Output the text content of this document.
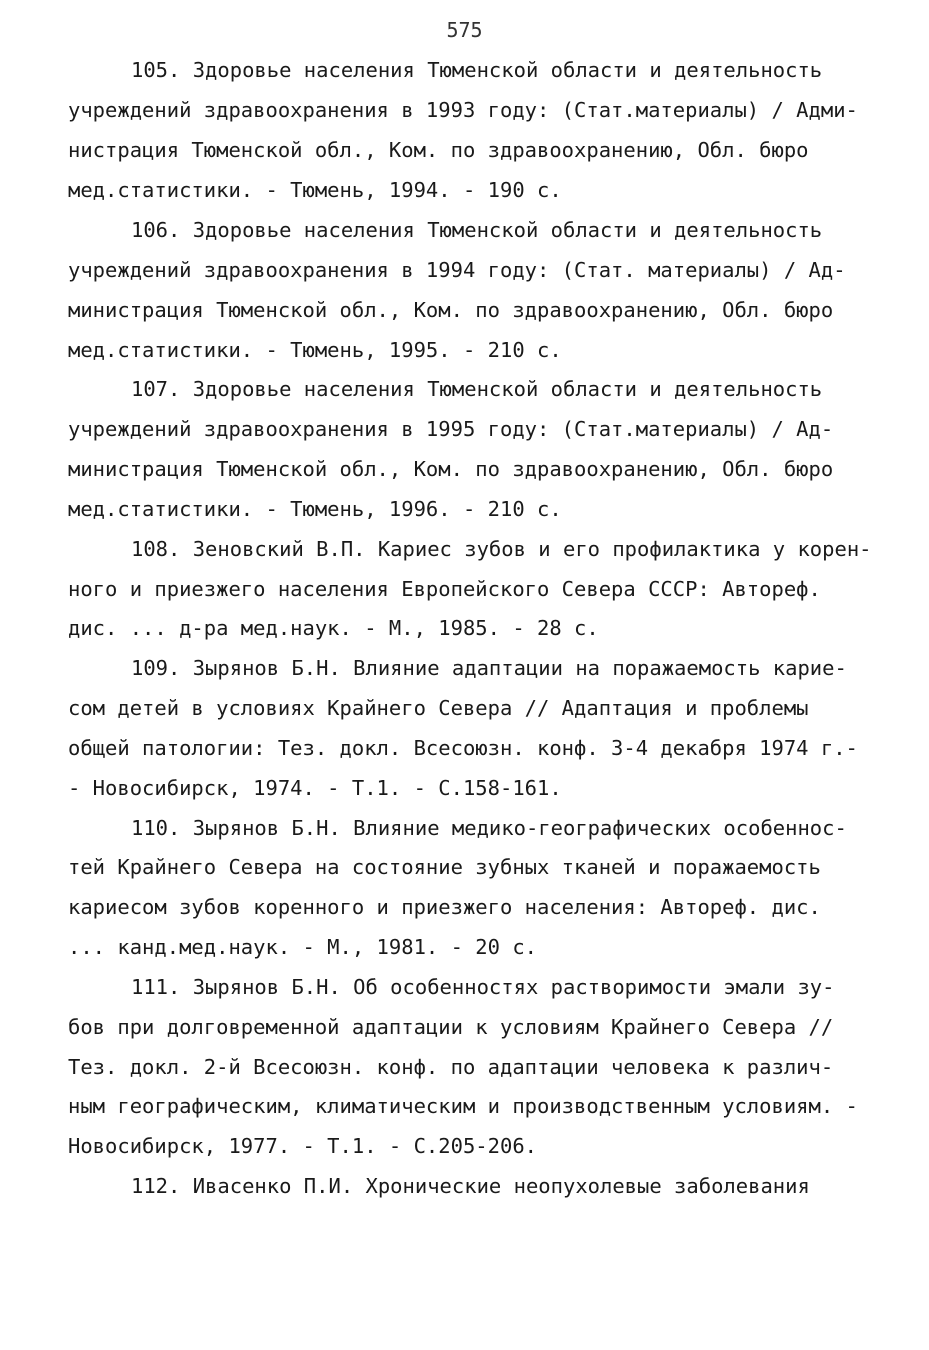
575
105. Здоровье населения Тюменской области и деятельность
учреждений здравоохранения в 1993 году: (Стат.материалы) / Адми-
нистрация Тюменской обл., Ком. по здравоохранению, Обл. бюро
мед.статистики. - Тюмень, 1994. - 190 с.
106. Здоровье населения Тюменской области и деятельность
учреждений здравоохранения в 1994 году: (Стат. материалы) / Ад-
министрация Тюменской обл., Ком. по здравоохранению, Обл. бюро
мед.статистики. - Тюмень, 1995. - 210 с.
107. Здоровье населения Тюменской области и деятельность
учреждений здравоохранения в 1995 году: (Стат.материалы) / Ад-
министрация Тюменской обл., Ком. по здравоохранению, Обл. бюро
мед.статистики. - Тюмень, 1996. - 210 с.
108. Зеновский В.П. Кариес зубов и его профилактика у корен-
ного и приезжего населения Европейского Севера СССР: Автореф.
дис. ... д-ра мед.наук. - М., 1985. - 28 с.
109. Зырянов Б.Н. Влияние адаптации на поражаемость карие-
сом детей в условиях Крайнего Севера // Адаптация и проблемы
общей патологии: Тез. докл. Всесоюзн. конф. 3-4 декабря 1974 г.-
- Новосибирск, 1974. - Т.1. - С.158-161.
110. Зырянов Б.Н. Влияние медико-географических особеннос-
тей Крайнего Севера на состояние зубных тканей и поражаемость
кариесом зубов коренного и приезжего населения: Автореф. дис.
... канд.мед.наук. - М., 1981. - 20 с.
111. Зырянов Б.Н. Об особенностях растворимости эмали зу-
бов при долговременной адаптации к условиям Крайнего Севера //
Тез. докл. 2-й Всесоюзн. конф. по адаптации человека к различ-
ным географическим, климатическим и производственным условиям. -
Новосибирск, 1977. - Т.1. - С.205-206.
112. Ивасенко П.И. Хронические неопухолевые заболевания
